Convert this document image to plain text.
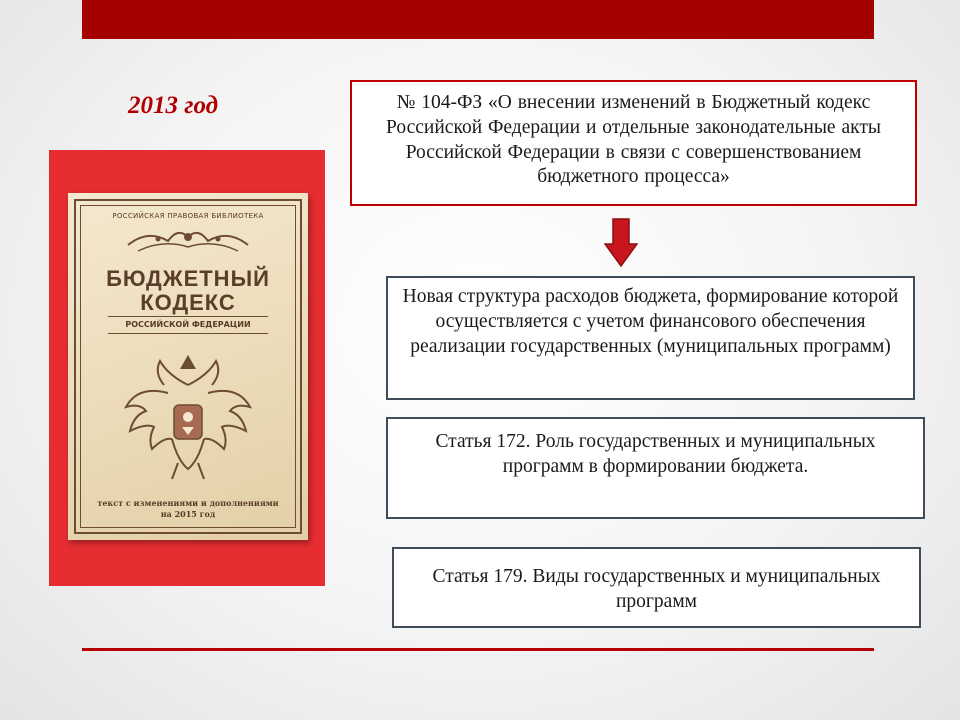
2013 год
РОССИЙСКАЯ ПРАВОВАЯ БИБЛИОТЕКА
БЮДЖЕТНЫЙ
КОДЕКС
РОССИЙСКОЙ ФЕДЕРАЦИИ
текст с изменениями и дополнениями
на 2015 год
№ 104-ФЗ «О внесении изменений в Бюджетный кодекс Российской Федерации и отдельные законодательные акты Российской Федерации в связи с совершенствованием бюджетного процесса»
Новая структура расходов бюджета, формирование которой осуществляется с учетом финансового обеспечения реализации государственных (муниципальных программ)
Статья 172. Роль государственных и муниципальных программ в формировании бюджета.
Статья 179. Виды государственных и муниципальных программ
